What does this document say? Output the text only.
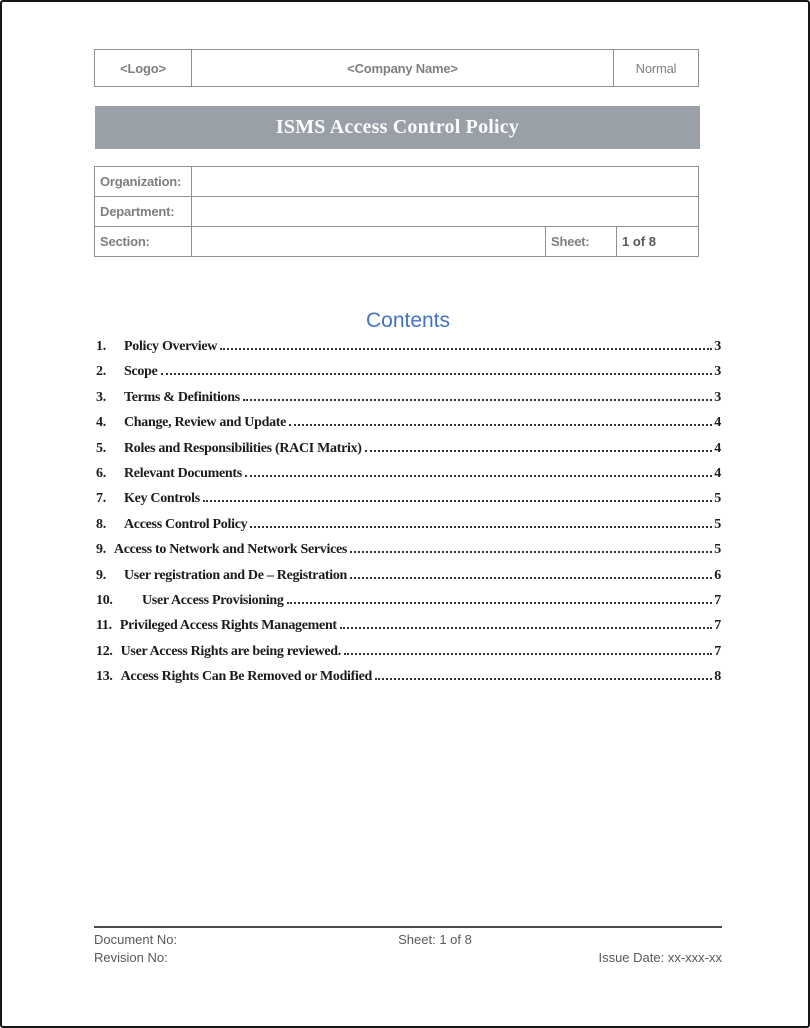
<Logo>	<Company Name>	Normal
ISMS Access Control Policy
Organization:
Department:
Section:	Sheet:	1 of 8
Contents
1.	Policy Overview	3
2.	Scope	3
3.	Terms & Definitions	3
4.	Change, Review and Update	4
5.	Roles and Responsibilities (RACI Matrix)	4
6.	Relevant Documents	4
7.	Key Controls	5
8.	Access Control Policy	5
9. Access to Network and Network Services	5
9.	User registration and De – Registration	6
10.	User Access Provisioning	7
11. Privileged Access Rights Management	7
12. User Access Rights are being reviewed.	7
13. Access Rights Can Be Removed or Modified	8
Document No:	Sheet: 1 of 8
Revision No:	Issue Date: xx-xxx-xx
